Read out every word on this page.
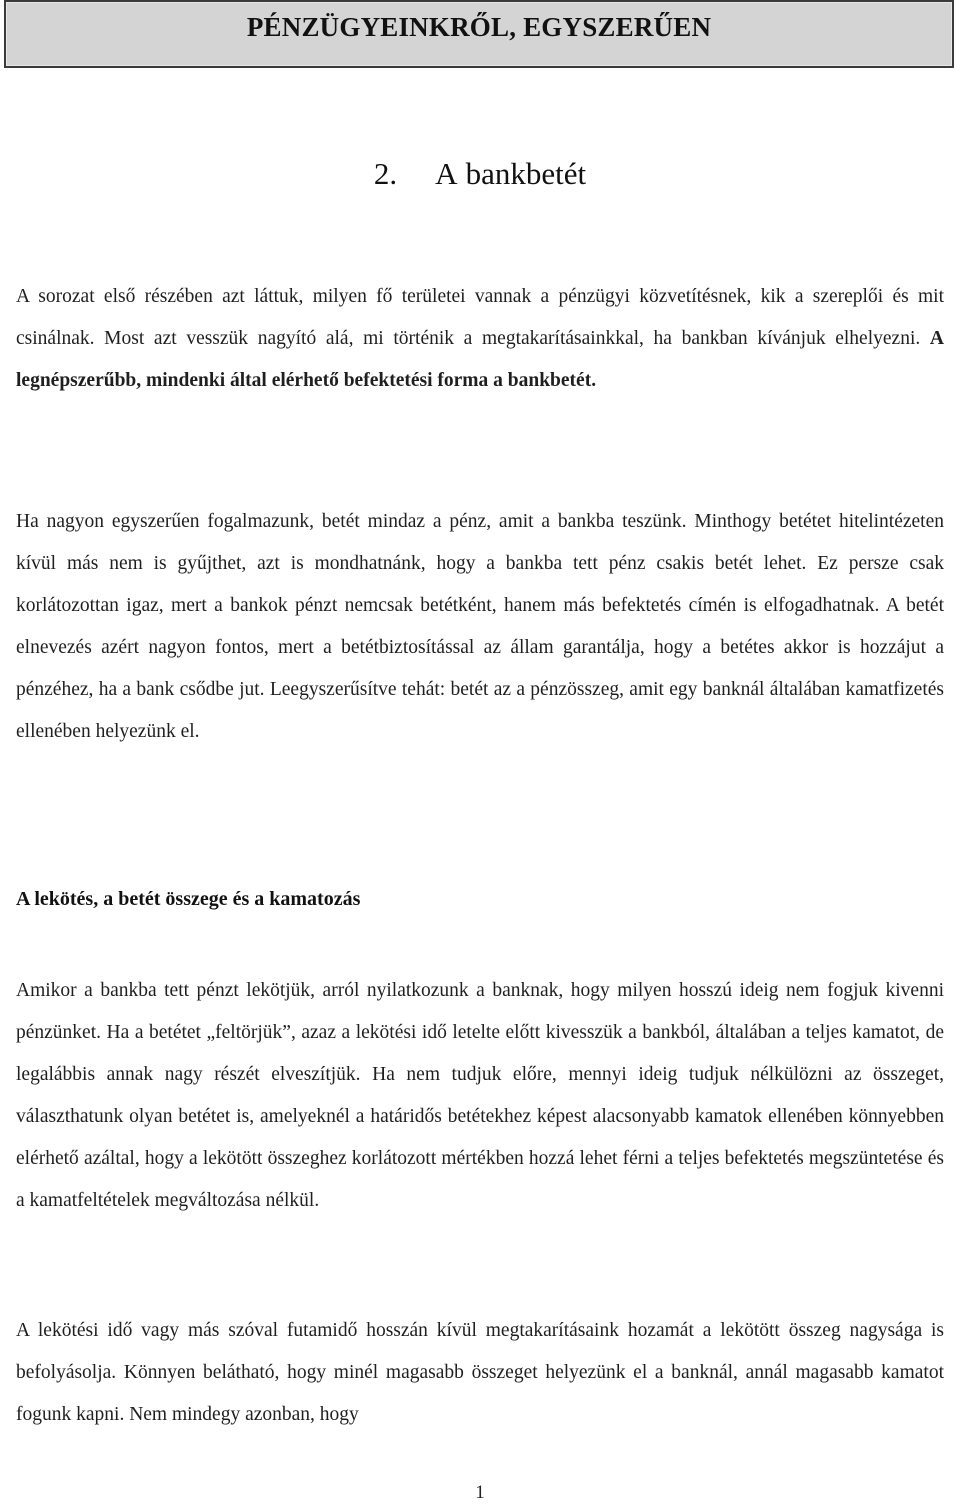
PÉNZÜGYEINKRŐL, EGYSZERŰEN
2. A bankbetét

A sorozat első részében azt láttuk, milyen fő területei vannak a pénzügyi közvetítésnek, kik a szereplői és mit csinálnak. Most azt vesszük nagyító alá, mi történik a megtakarításainkkal, ha bankban kívánjuk elhelyezni. A legnépszerűbb, mindenki által elérhető befektetési forma a bankbetét.

Ha nagyon egyszerűen fogalmazunk, betét mindaz a pénz, amit a bankba teszünk. Minthogy betétet hitelintézeten kívül más nem is gyűjthet, azt is mondhatnánk, hogy a bankba tett pénz csakis betét lehet. Ez persze csak korlátozottan igaz, mert a bankok pénzt nemcsak betétként, hanem más befektetés címén is elfogadhatnak. A betét elnevezés azért nagyon fontos, mert a betétbiztosítással az állam garantálja, hogy a betétes akkor is hozzájut a pénzéhez, ha a bank csődbe jut. Leegyszerűsítve tehát: betét az a pénzösszeg, amit egy banknál általában kamatfizetés ellenében helyezünk el.

A lekötés, a betét összege és a kamatozás

Amikor a bankba tett pénzt lekötjük, arról nyilatkozunk a banknak, hogy milyen hosszú ideig nem fogjuk kivenni pénzünket. Ha a betétet „feltörjük”, azaz a lekötési idő letelte előtt kivesszük a bankból, általában a teljes kamatot, de legalábbis annak nagy részét elveszítjük. Ha nem tudjuk előre, mennyi ideig tudjuk nélkülözni az összeget, választhatunk olyan betétet is, amelyeknél a határidős betétekhez képest alacsonyabb kamatok ellenében könnyebben elérhető azáltal, hogy a lekötött összeghez korlátozott mértékben hozzá lehet férni a teljes befektetés megszüntetése és a kamatfeltételek megváltozása nélkül.

A lekötési idő vagy más szóval futamidő hosszán kívül megtakarításaink hozamát a lekötött összeg nagysága is befolyásolja. Könnyen belátható, hogy minél magasabb összeget helyezünk el a banknál, annál magasabb kamatot fogunk kapni. Nem mindegy azonban, hogy

1
